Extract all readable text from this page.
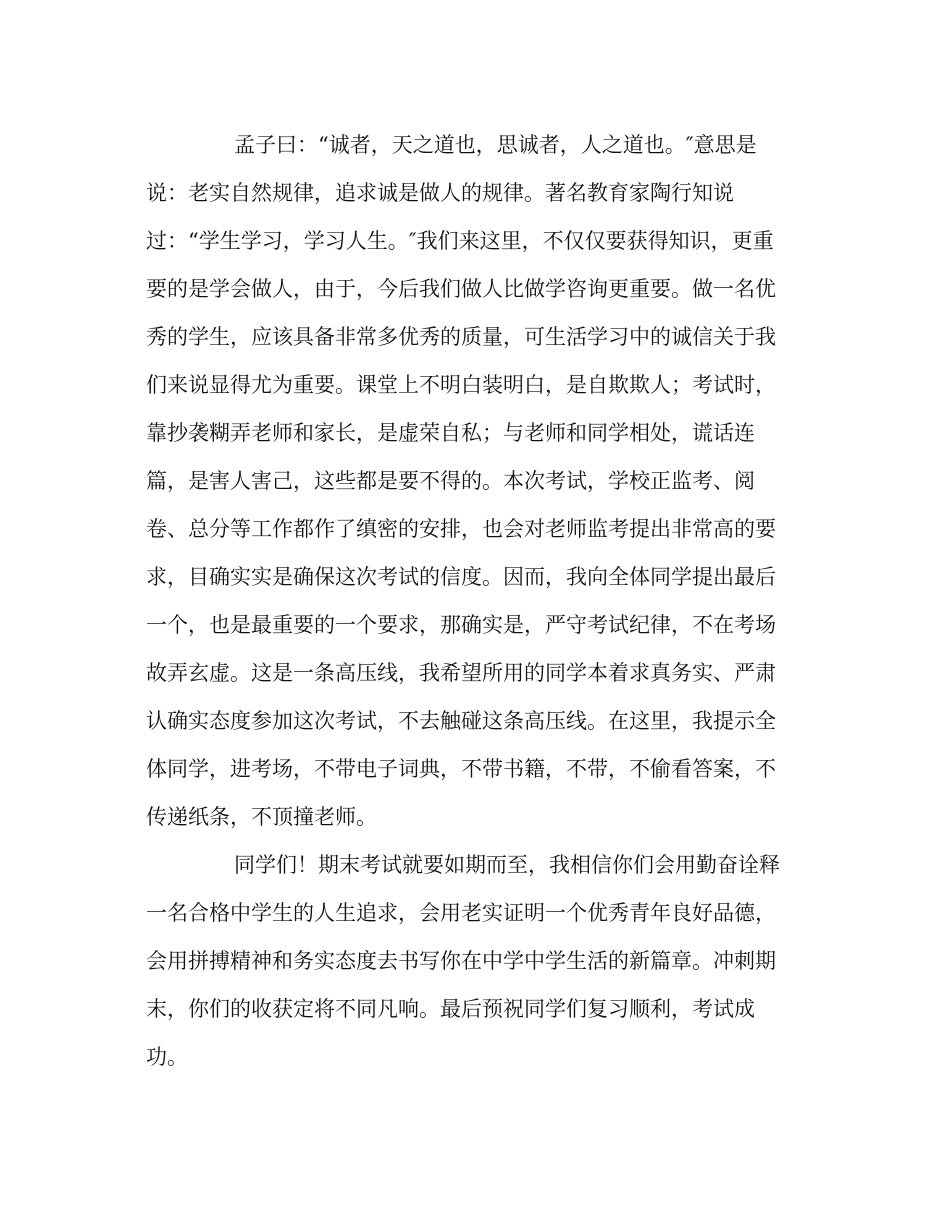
孟子曰：“诚者，天之道也，思诚者，人之道也。″意思是
说：老实自然规律，追求诚是做人的规律。著名教育家陶行知说
过：“学生学习，学习人生。″我们来这里，不仅仅要获得知识，更重
要的是学会做人，由于，今后我们做人比做学咨询更重要。做一名优
秀的学生，应该具备非常多优秀的质量，可生活学习中的诚信关于我
们来说显得尤为重要。课堂上不明白装明白，是自欺欺人；考试时，
靠抄袭糊弄老师和家长，是虚荣自私；与老师和同学相处，谎话连
篇，是害人害己，这些都是要不得的。本次考试，学校正监考、阅
卷、总分等工作都作了缜密的安排，也会对老师监考提出非常高的要
求，目确实实是确保这次考试的信度。因而，我向全体同学提出最后
一个，也是最重要的一个要求，那确实是，严守考试纪律，不在考场
故弄玄虚。这是一条高压线，我希望所用的同学本着求真务实、严肃
认确实态度参加这次考试，不去触碰这条高压线。在这里，我提示全
体同学，进考场，不带电子词典，不带书籍，不带，不偷看答案，不
传递纸条，不顶撞老师。
同学们！期末考试就要如期而至，我相信你们会用勤奋诠释
一名合格中学生的人生追求，会用老实证明一个优秀青年良好品德，
会用拼搏精神和务实态度去书写你在中学中学生活的新篇章。冲刺期
末，你们的收获定将不同凡响。最后预祝同学们复习顺利，考试成
功。
